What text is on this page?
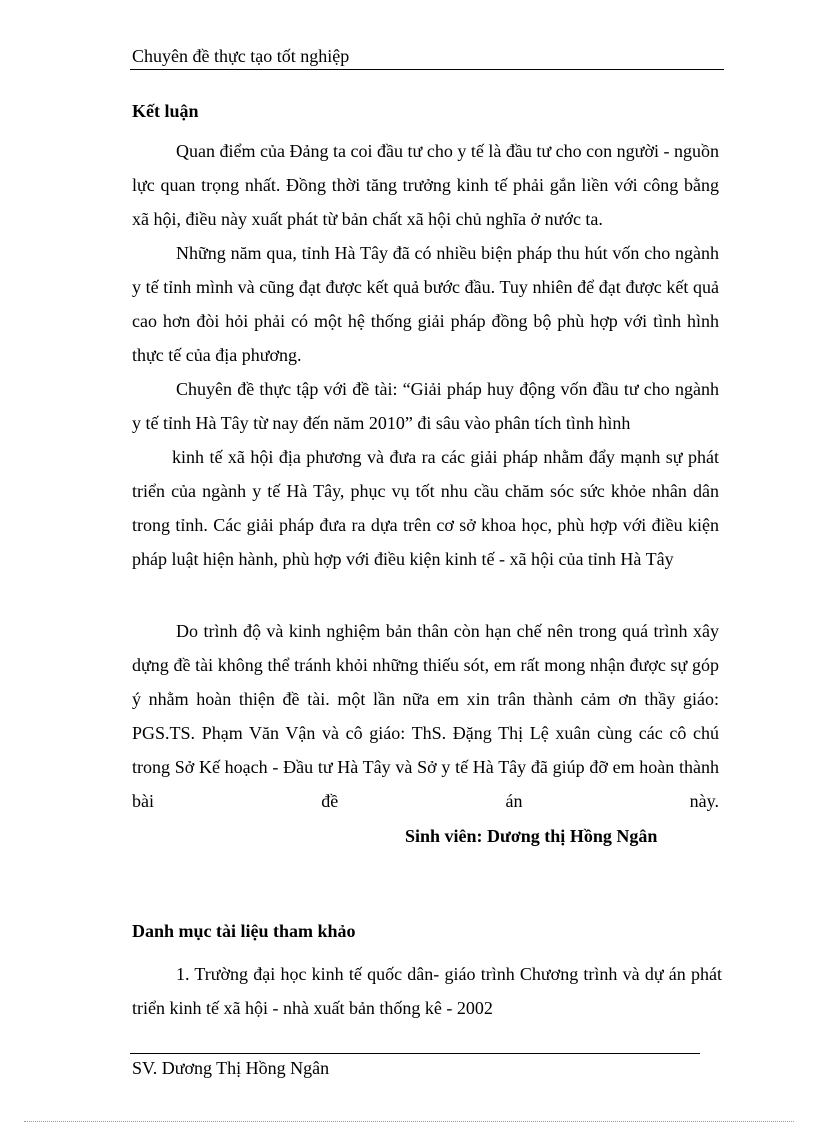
Chuyên đề thực tạo tốt nghiệp
Kết luận

Quan điểm của Đảng ta coi đầu tư cho y tế là đầu tư cho con người - nguồn lực quan trọng nhất. Đồng thời tăng trưởng kinh tế phải gắn liền với công bằng xã hội, điều này xuất phát từ bản chất xã hội chủ nghĩa ở nước ta.

Những năm qua, tỉnh Hà Tây đã có nhiều biện pháp thu hút vốn cho ngành y tế tỉnh mình và cũng đạt được kết quả bước đầu. Tuy nhiên để đạt được kết quả cao hơn đòi hỏi phải có một hệ thống giải pháp đồng bộ phù hợp với tình hình thực tế của địa phương.

Chuyên đề thực tập với đề tài: “Giải pháp huy động vốn đầu tư cho ngành y tế tỉnh Hà Tây từ nay đến năm 2010” đi sâu vào phân tích tình hình

kinh tế xã hội địa phương và đưa ra các giải pháp nhằm đẩy mạnh sự phát triển của ngành y tế Hà Tây, phục vụ tốt nhu cầu chăm sóc sức khỏe nhân dân trong tỉnh. Các giải pháp đưa ra dựa trên cơ sở khoa học, phù hợp với điều kiện pháp luật hiện hành, phù hợp với điều kiện kinh tế - xã hội của tỉnh Hà Tây

Do trình độ và kinh nghiệm bản thân còn hạn chế nên trong quá trình xây dựng đề tài không thể tránh khỏi những thiếu sót, em rất mong nhận được sự góp ý nhằm hoàn thiện đề tài. một lần nữa em xin trân thành cảm ơn thầy giáo: PGS.TS. Phạm Văn Vận và cô giáo: ThS. Đặng Thị Lệ xuân cùng các cô chú trong Sở Kế hoạch - Đầu tư Hà Tây và Sở y tế Hà Tây đã giúp đỡ em hoàn thành bài đề án này.

Sinh viên: Dương thị Hồng Ngân
Danh mục tài liệu tham khảo
1. Trường đại học kinh tế quốc dân- giáo trình Chương trình và dự án phát triển kinh tế xã hội - nhà xuất bản thống kê - 2002
SV. Dương Thị Hồng Ngân
